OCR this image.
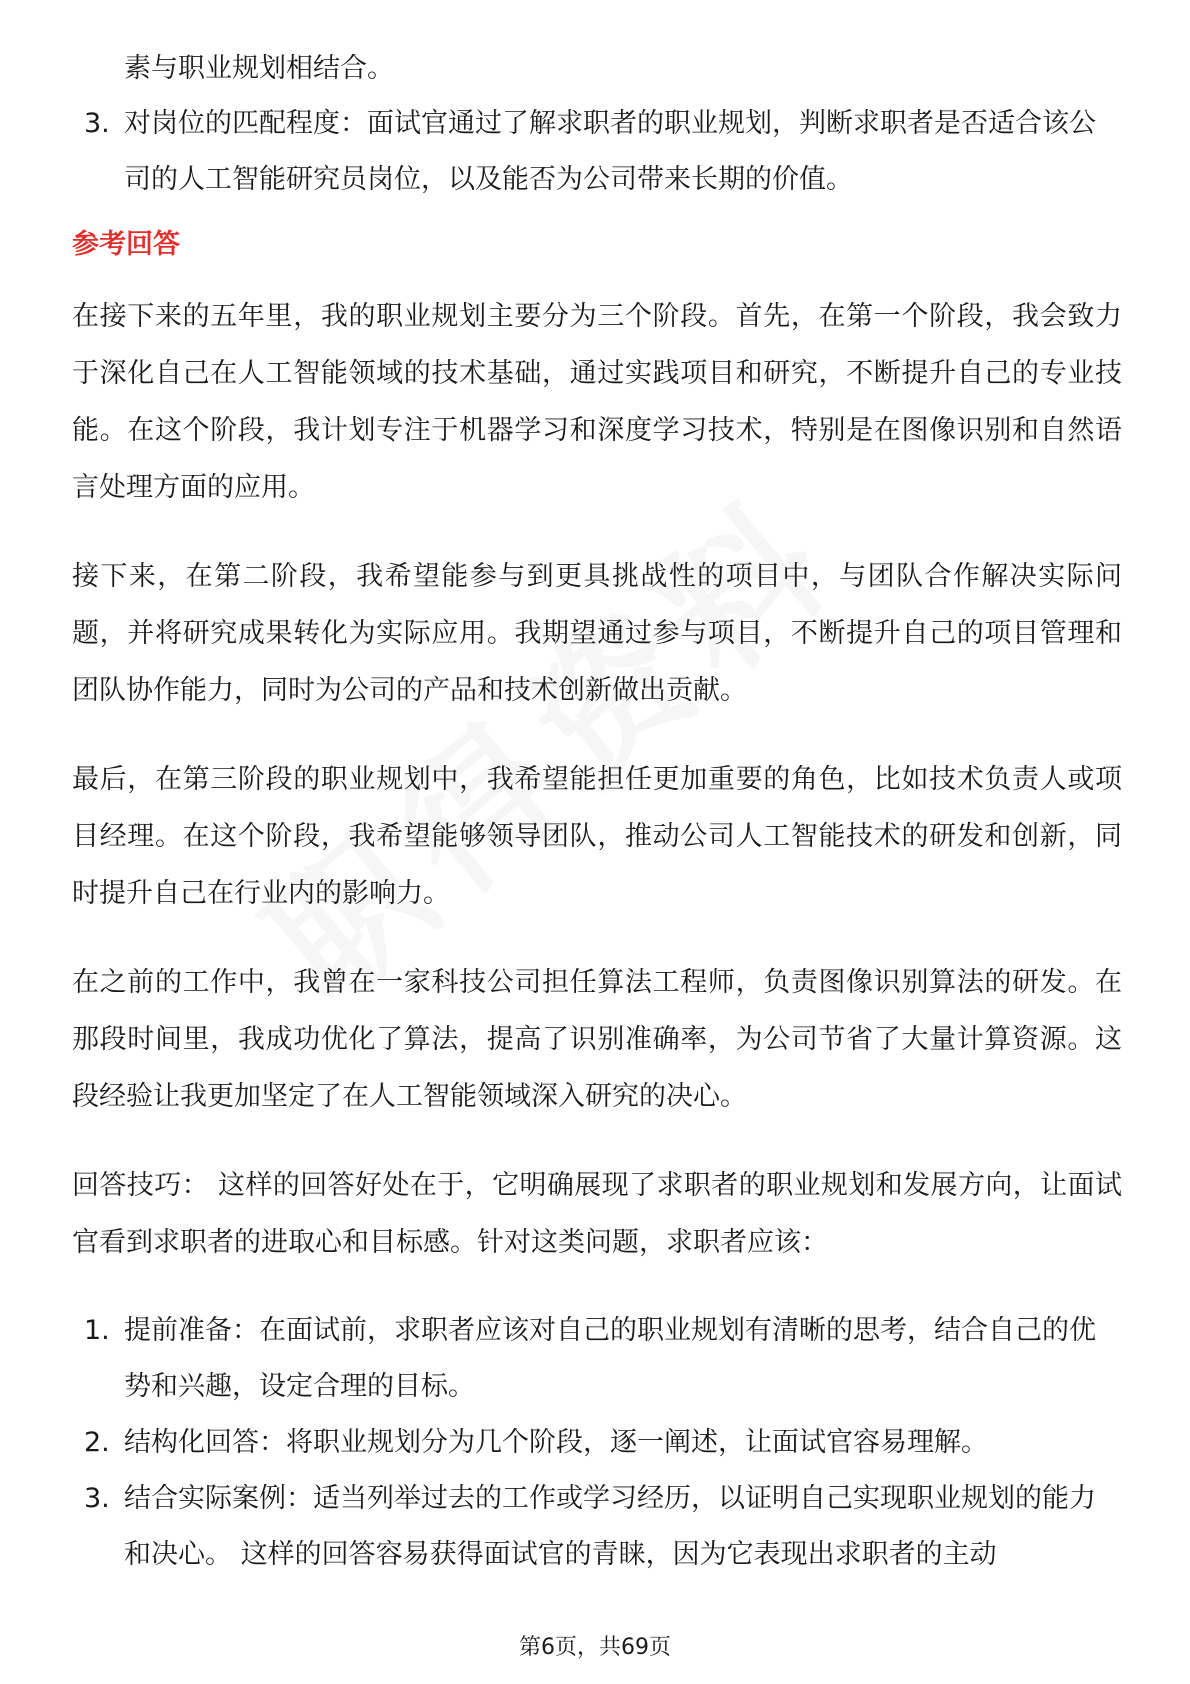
素与职业规划相结合。
3. 对岗位的匹配程度：面试官通过了解求职者的职业规划，判断求职者是否适合该公司的人工智能研究员岗位，以及能否为公司带来长期的价值。
参考回答

在接下来的五年里，我的职业规划主要分为三个阶段。首先，在第一个阶段，我会致力于深化自己在人工智能领域的技术基础，通过实践项目和研究，不断提升自己的专业技能。在这个阶段，我计划专注于机器学习和深度学习技术，特别是在图像识别和自然语言处理方面的应用。

接下来，在第二阶段，我希望能参与到更具挑战性的项目中，与团队合作解决实际问题，并将研究成果转化为实际应用。我期望通过参与项目，不断提升自己的项目管理和团队协作能力，同时为公司的产品和技术创新做出贡献。

最后，在第三阶段的职业规划中，我希望能担任更加重要的角色，比如技术负责人或项目经理。在这个阶段，我希望能够领导团队，推动公司人工智能技术的研发和创新，同时提升自己在行业内的影响力。

在之前的工作中，我曾在一家科技公司担任算法工程师，负责图像识别算法的研发。在那段时间里，我成功优化了算法，提高了识别准确率，为公司节省了大量计算资源。这段经验让我更加坚定了在人工智能领域深入研究的决心。

回答技巧： 这样的回答好处在于，它明确展现了求职者的职业规划和发展方向，让面试官看到求职者的进取心和目标感。针对这类问题，求职者应该：

1. 提前准备：在面试前，求职者应该对自己的职业规划有清晰的思考，结合自己的优势和兴趣，设定合理的目标。
2. 结构化回答：将职业规划分为几个阶段，逐一阐述，让面试官容易理解。
3. 结合实际案例：适当列举过去的工作或学习经历，以证明自己实现职业规划的能力和决心。 这样的回答容易获得面试官的青睐，因为它表现出求职者的主动
第6页，共69页
